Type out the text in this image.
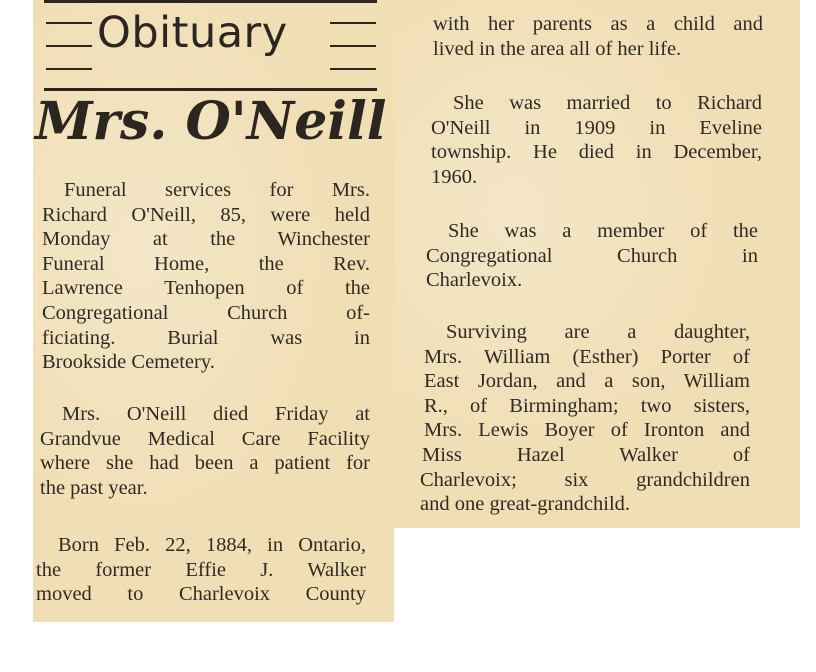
Obituary
Mrs. O'Neill

Funeral services for Mrs.
Richard O'Neill, 85, were held
Monday at the Winchester
Funeral Home, the Rev.
Lawrence Tenhopen of the
Congregational Church of-
ficiating. Burial was in
Brookside Cemetery.

Mrs. O'Neill died Friday at
Grandvue Medical Care Facility
where she had been a patient for
the past year.

Born Feb. 22, 1884, in Ontario,
the former Effie J. Walker
moved to Charlevoix County

with her parents as a child and
lived in the area all of her life.

She was married to Richard
O'Neill in 1909 in Eveline
township. He died in December,
1960.

She was a member of the
Congregational Church in
Charlevoix.

Surviving are a daughter,
Mrs. William (Esther) Porter of
East Jordan, and a son, William
R., of Birmingham; two sisters,
Mrs. Lewis Boyer of Ironton and
Miss Hazel Walker of
Charlevoix; six grandchildren
and one great-grandchild.
